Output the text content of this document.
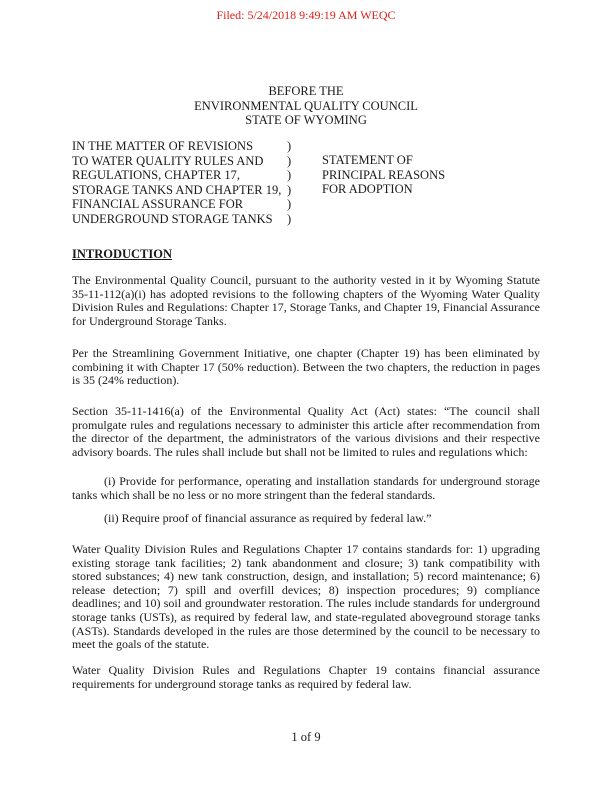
Filed: 5/24/2018 9:49:19 AM WEQC
BEFORE THE
ENVIRONMENTAL QUALITY COUNCIL
STATE OF WYOMING
IN THE MATTER OF REVISIONS
TO WATER QUALITY RULES AND
REGULATIONS, CHAPTER 17,
STORAGE TANKS AND CHAPTER 19,
FINANCIAL ASSURANCE FOR
UNDERGROUND STORAGE TANKS
)
)
)
)
)
)
STATEMENT OF
PRINCIPAL REASONS
FOR ADOPTION
INTRODUCTION

The Environmental Quality Council, pursuant to the authority vested in it by Wyoming Statute 35-11-112(a)(i) has adopted revisions to the following chapters of the Wyoming Water Quality Division Rules and Regulations: Chapter 17, Storage Tanks, and Chapter 19, Financial Assurance for Underground Storage Tanks.

Per the Streamlining Government Initiative, one chapter (Chapter 19) has been eliminated by combining it with Chapter 17 (50% reduction). Between the two chapters, the reduction in pages is 35 (24% reduction).

Section 35-11-1416(a) of the Environmental Quality Act (Act) states: “The council shall promulgate rules and regulations necessary to administer this article after recommendation from the director of the department, the administrators of the various divisions and their respective advisory boards. The rules shall include but shall not be limited to rules and regulations which:

(i) Provide for performance, operating and installation standards for underground storage tanks which shall be no less or no more stringent than the federal standards.

(ii) Require proof of financial assurance as required by federal law.”

Water Quality Division Rules and Regulations Chapter 17 contains standards for: 1) upgrading existing storage tank facilities; 2) tank abandonment and closure; 3) tank compatibility with stored substances; 4) new tank construction, design, and installation; 5) record maintenance; 6) release detection; 7) spill and overfill devices; 8) inspection procedures; 9) compliance deadlines; and 10) soil and groundwater restoration. The rules include standards for underground storage tanks (USTs), as required by federal law, and state-regulated aboveground storage tanks (ASTs). Standards developed in the rules are those determined by the council to be necessary to meet the goals of the statute.

Water Quality Division Rules and Regulations Chapter 19 contains financial assurance requirements for underground storage tanks as required by federal law.

1 of 9
